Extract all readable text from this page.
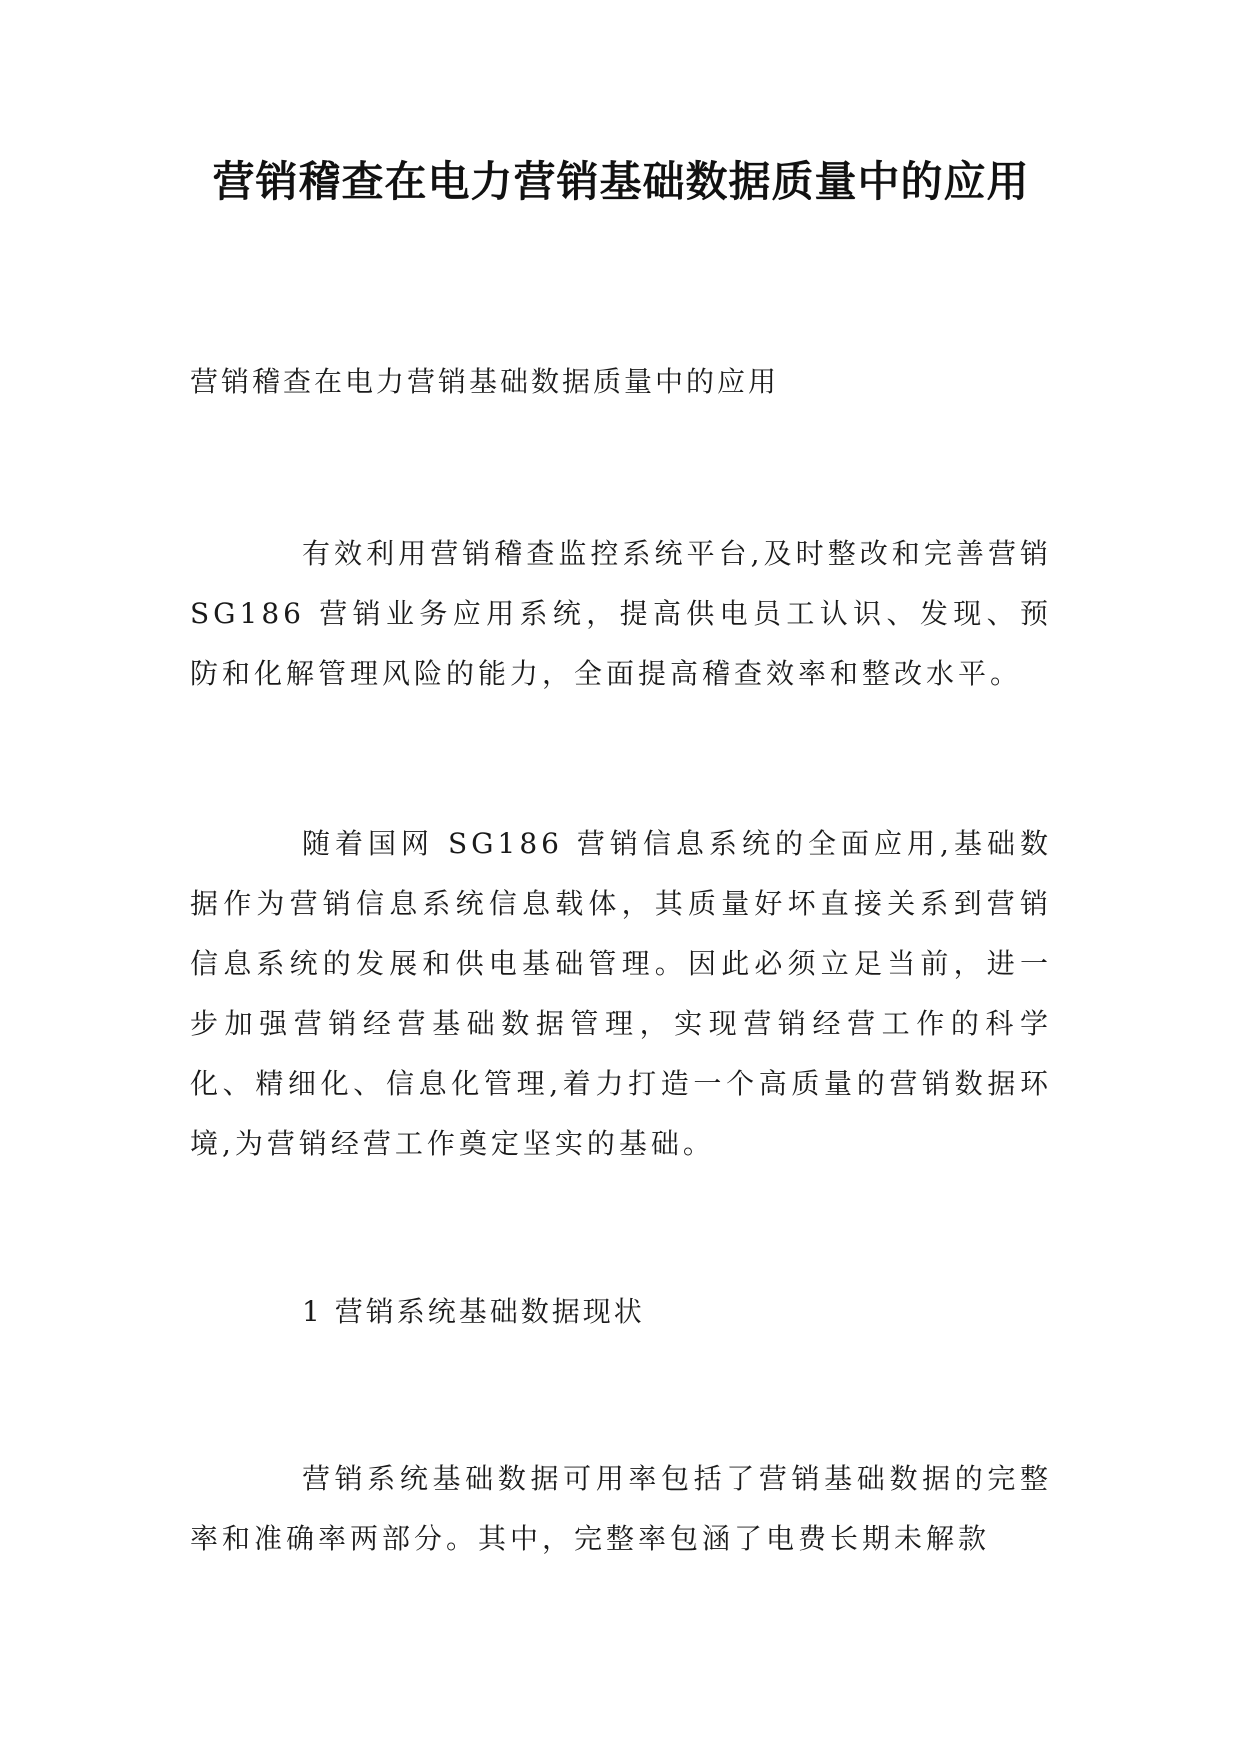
营销稽查在电力营销基础数据质量中的应用

营销稽查在电力营销基础数据质量中的应用

有效利用营销稽查监控系统平台,及时整改和完善营销 SG186 营销业务应用系统，提高供电员工认识、发现、预防和化解管理风险的能力，全面提高稽查效率和整改水平。

随着国网 SG186 营销信息系统的全面应用,基础数据作为营销信息系统信息载体，其质量好坏直接关系到营销信息系统的发展和供电基础管理。因此必须立足当前，进一步加强营销经营基础数据管理，实现营销经营工作的科学化、精细化、信息化管理,着力打造一个高质量的营销数据环境,为营销经营工作奠定坚实的基础。

1 营销系统基础数据现状

营销系统基础数据可用率包括了营销基础数据的完整率和准确率两部分。其中，完整率包涵了电费长期未解款
